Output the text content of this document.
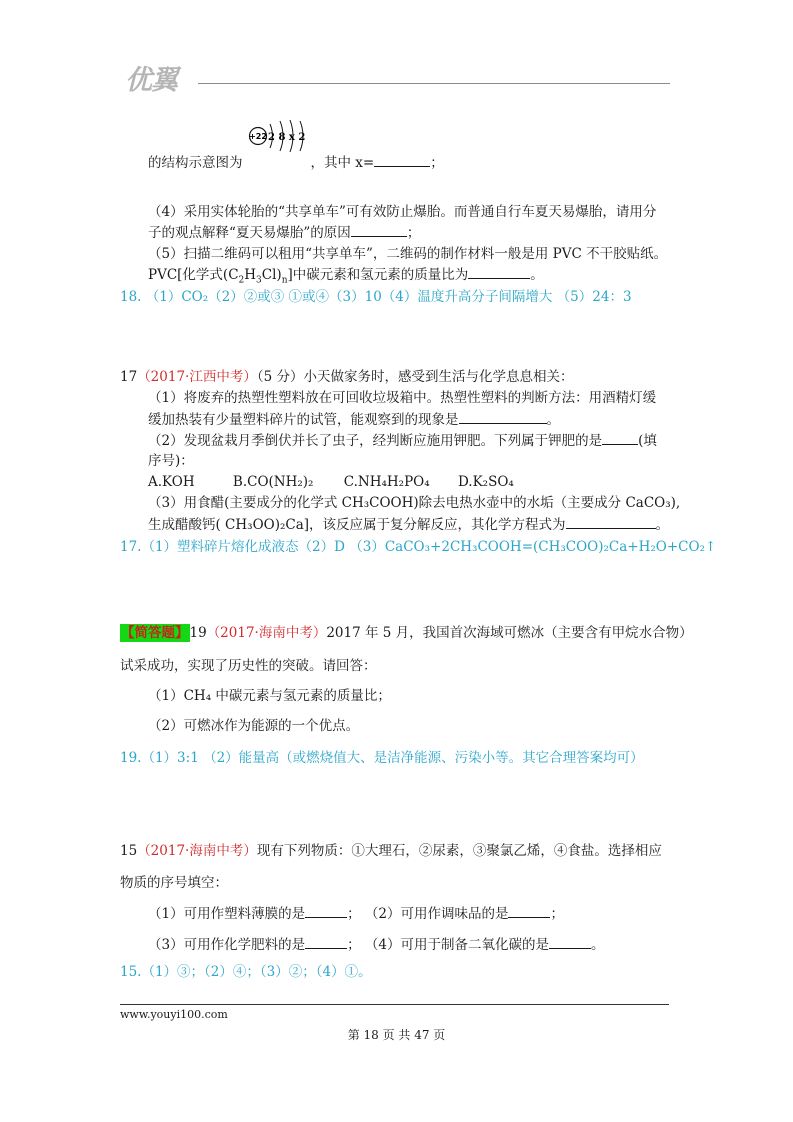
优翼
+22 2 8 x 2
的结构示意图为	，其中 x=	；
（4）采用实体轮胎的“共享单车”可有效防止爆胎。而普通自行车夏天易爆胎，请用分
子的观点解释“夏天易爆胎”的原因	；
（5）扫描二维码可以租用“共享单车”，二维码的制作材料一般是用 PVC 不干胶贴纸。
PVC[化学式$(C_2H_3Cl)_n$]中碳元素和氢元素的质量比为	。
18. （1）CO₂（2）②或③ ①或④（3）10（4）温度升高分子间隔增大 （5）24：3
17（2017·江西中考）（5 分）小天做家务时，感受到生活与化学息息相关：
（1）将废弃的热塑性塑料放在可回收垃圾箱中。热塑性塑料的判断方法：用酒精灯缓
缓加热装有少量塑料碎片的试管，能观察到的现象是	。
（2）发现盆栽月季倒伏并长了虫子，经判断应施用钾肥。下列属于钾肥的是	(填
序号)：
A.KOH	B.CO(NH₂)₂ C.NH₄H₂PO₄ D.K₂SO₄
（3）用食醋(主要成分的化学式 CH₃COOH)除去电热水壶中的水垢（主要成分 CaCO₃),
生成醋酸钙( CH₃OO)₂Ca]，该反应属于复分解反应，其化学方程式为	。
17.（1）塑料碎片熔化成液态（2）D （3）CaCO₃+2CH₃COOH=(CH₃COO)₂Ca+H₂O+CO₂↑
【简答题】19（2017·海南中考）2017 年 5 月，我国首次海域可燃冰（主要含有甲烷水合物）
试采成功，实现了历史性的突破。请回答：
（1）CH₄ 中碳元素与氢元素的质量比；
（2）可燃冰作为能源的一个优点。
19.（1）3:1 （2）能量高（或燃烧值大、是洁净能源、污染小等。其它合理答案均可）
15（2017·海南中考）现有下列物质：①大理石，②尿素，③聚氯乙烯，④食盐。选择相应
物质的序号填空：
（1）可用作塑料薄膜的是	； （2）可用作调味品的是	；
（3）可用作化学肥料的是	； （4）可用于制备二氧化碳的是	。
15.（1）③；（2）④；（3）②；（4）①。
www.youyi100.com
第 18 页 共 47 页
